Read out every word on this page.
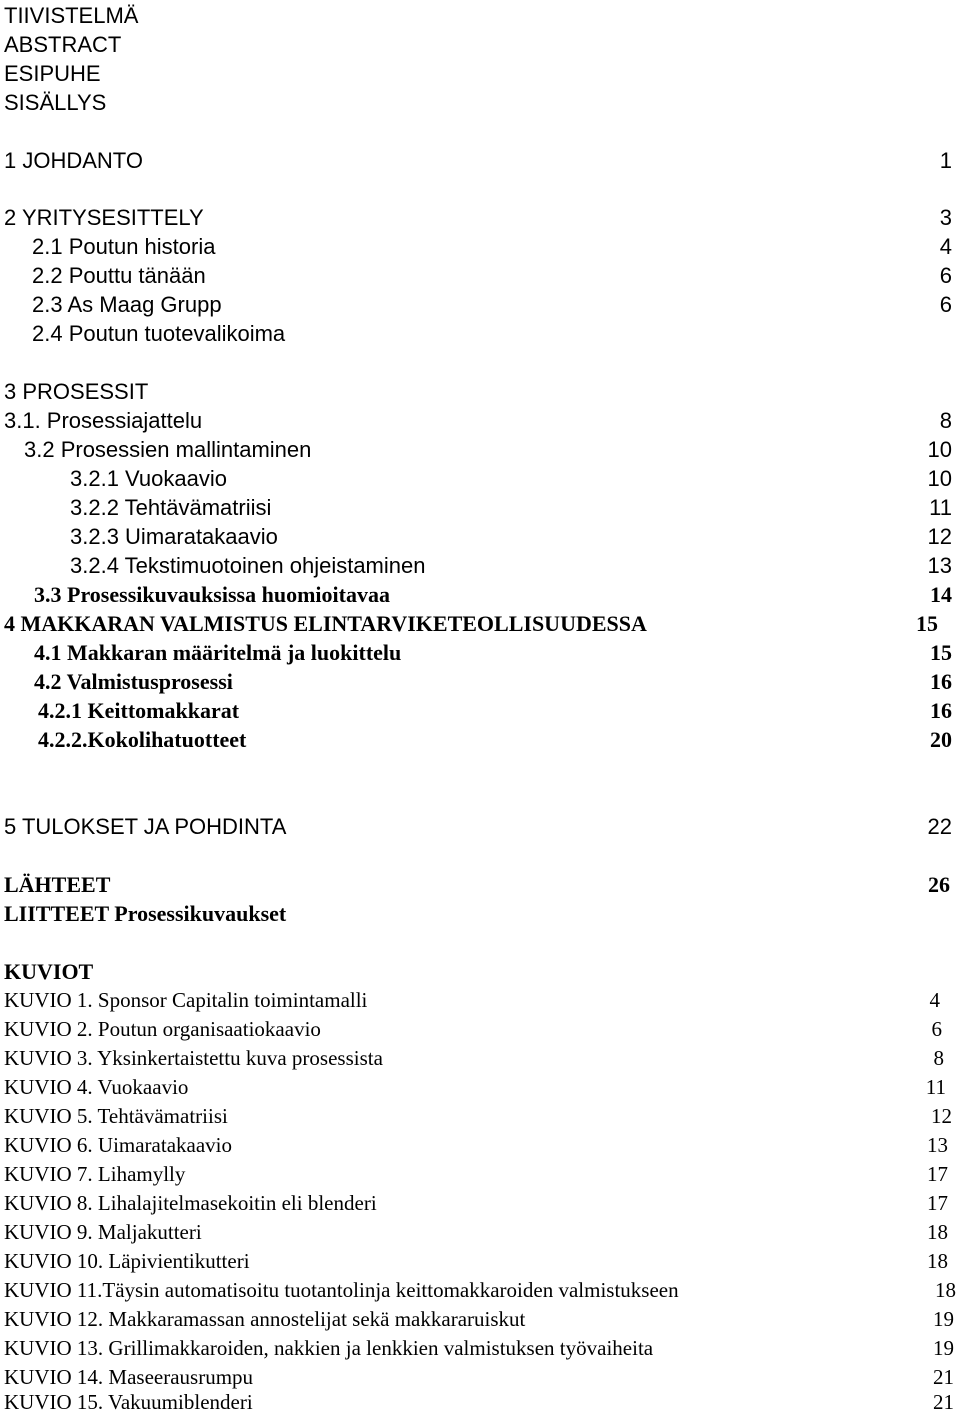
TIIVISTELMÄ
ABSTRACT
ESIPUHE
SISÄLLYS
1 JOHDANTO	1
2 YRITYSESITTELY	3
2.1 Poutun historia	4
2.2 Pouttu tänään	6
2.3 As Maag Grupp	6
2.4 Poutun tuotevalikoima
3 PROSESSIT
3.1. Prosessiajattelu	8
3.2 Prosessien mallintaminen	10
3.2.1 Vuokaavio	10
3.2.2 Tehtävämatriisi	11
3.2.3 Uimaratakaavio	12
3.2.4 Tekstimuotoinen ohjeistaminen	13
3.3 Prosessikuvauksissa huomioitavaa	14
4 MAKKARAN VALMISTUS ELINTARVIKETEOLLISUUDESSA	15
4.1 Makkaran määritelmä ja luokittelu	15
4.2 Valmistusprosessi	16
4.2.1 Keittomakkarat	16
4.2.2.Kokolihatuotteet	20
5 TULOKSET JA POHDINTA	22
LÄHTEET	26
LIITTEET Prosessikuvaukset
KUVIOT
KUVIO 1. Sponsor Capitalin toimintamalli	4
KUVIO 2. Poutun organisaatiokaavio	6
KUVIO 3. Yksinkertaistettu kuva prosessista	8
KUVIO 4. Vuokaavio	11
KUVIO 5. Tehtävämatriisi	12
KUVIO 6. Uimaratakaavio	13
KUVIO 7. Lihamylly	17
KUVIO 8. Lihalajitelmasekoitin eli blenderi	17
KUVIO 9. Maljakutteri	18
KUVIO 10. Läpivientikutteri	18
KUVIO 11.Täysin automatisoitu tuotantolinja keittomakkaroiden valmistukseen	18
KUVIO 12. Makkaramassan annostelijat sekä makkararuiskut	19
KUVIO 13. Grillimakkaroiden, nakkien ja lenkkien valmistuksen työvaiheita	19
KUVIO 14. Maseerausrumpu	21
KUVIO 15. Vakuumiblenderi	21
